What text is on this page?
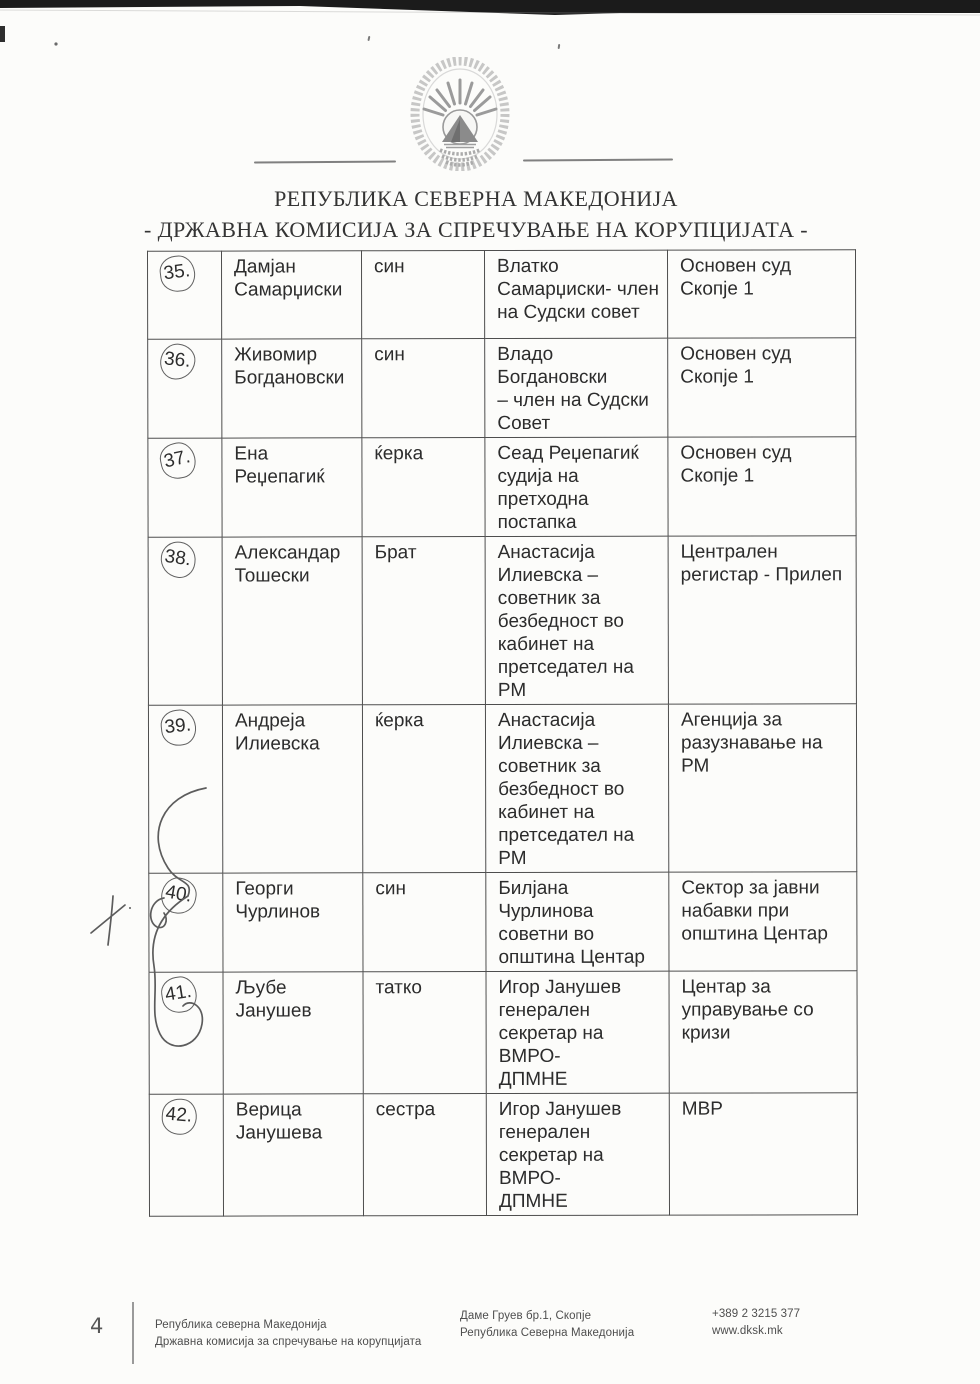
РЕПУБЛИКА СЕВЕРНА МАКЕДОНИЈА
- ДРЖАВНА КОМИСИЈА ЗА СПРЕЧУВАЊЕ НА КОРУПЦИЈАТА -
35.	Дамјан
Самарџиски	син	Влатко
Самарџиски- член
на Судски совет	Основен суд
Скопје 1
36.	Живомир
Богдановски	син	Владо Богдановски
– член на Судски
Совет	Основен суд
Скопје 1
37.	Ена Реџепагиќ	ќерка	Сеад Реџепагиќ
судија на
претходна
постапка	Основен суд
Скопје 1
38.	Александар
Тошески	Брат	Анастасија
Илиевска –
советник за
безбедност во
кабинет на
претседател на РМ	Централен
регистар - Прилеп
39.	Андреја
Илиевска	ќерка	Анастасија
Илиевска –
советник за
безбедност во
кабинет на
претседател на РМ	Агенција за
разузнавање на РМ
40.	Георги
Чурлинов	син	Билјана Чурлинова
советни во
општина Центар	Сектор за јавни
набавки при
општина Центар
41.	Љубе Јанушев	татко	Игор Јанушев
генерален
секретар на ВМРО-
ДПМНЕ	Центар за
управување со
кризи
42.	Верица
Јанушева	сестра	Игор Јанушев
генерален
секретар на ВМРО-
ДПМНЕ	МВР
4	Република северна Македонија
Државна комисија за спречување на корупцијата
Даме Груев бр.1, Скопје
Република Северна Македонија
+389 2 3215 377
www.dksk.mk
